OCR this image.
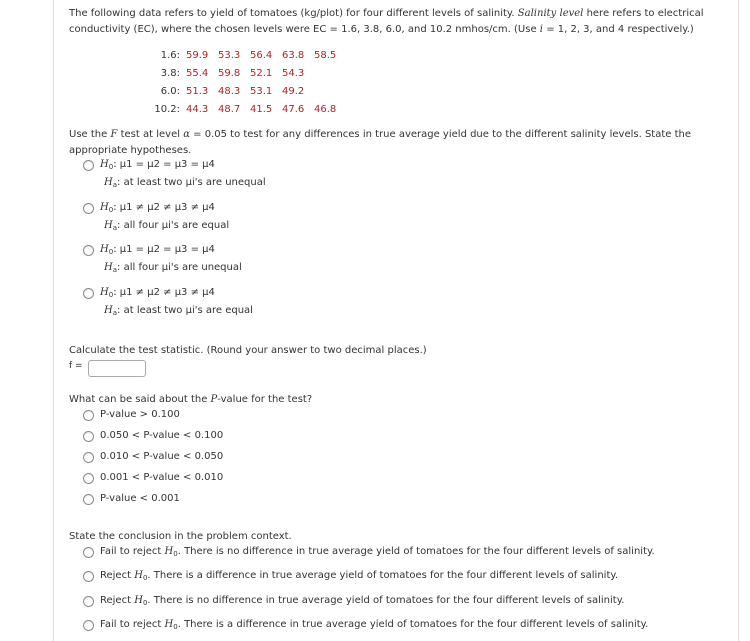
The following data refers to yield of tomatoes (kg/plot) for four different levels of salinity. Salinity level here refers to electrical
conductivity (EC), where the chosen levels were EC = 1.6, 3.8, 6.0, and 10.2 nmhos/cm. (Use i = 1, 2, 3, and 4 respectively.)
1.6: 59.9 53.3 56.4 63.8 58.5
3.8: 55.4 59.8 52.1 54.3
6.0: 51.3 48.3 53.1 49.2
10.2: 44.3 48.7 41.5 47.6 46.8
Use the F test at level α = 0.05 to test for any differences in true average yield due to the different salinity levels. State the
appropriate hypotheses.
$H_0$: μ1 = μ2 = μ3 = μ4
$H_a$: at least two μi's are unequal
$H_0$: μ1 ≠ μ2 ≠ μ3 ≠ μ4
$H_a$: all four μi's are equal
$H_0$: μ1 = μ2 = μ3 = μ4
$H_a$: all four μi's are unequal
$H_0$: μ1 ≠ μ2 ≠ μ3 ≠ μ4
$H_a$: at least two μi's are equal
Calculate the test statistic. (Round your answer to two decimal places.)
f =
What can be said about the P-value for the test?
P-value > 0.100
0.050 < P-value < 0.100
0.010 < P-value < 0.050
0.001 < P-value < 0.010
P-value < 0.001
State the conclusion in the problem context.
Fail to reject $H_0$. There is no difference in true average yield of tomatoes for the four different levels of salinity.
Reject $H_0$. There is a difference in true average yield of tomatoes for the four different levels of salinity.
Reject $H_0$. There is no difference in true average yield of tomatoes for the four different levels of salinity.
Fail to reject $H_0$. There is a difference in true average yield of tomatoes for the four different levels of salinity.
